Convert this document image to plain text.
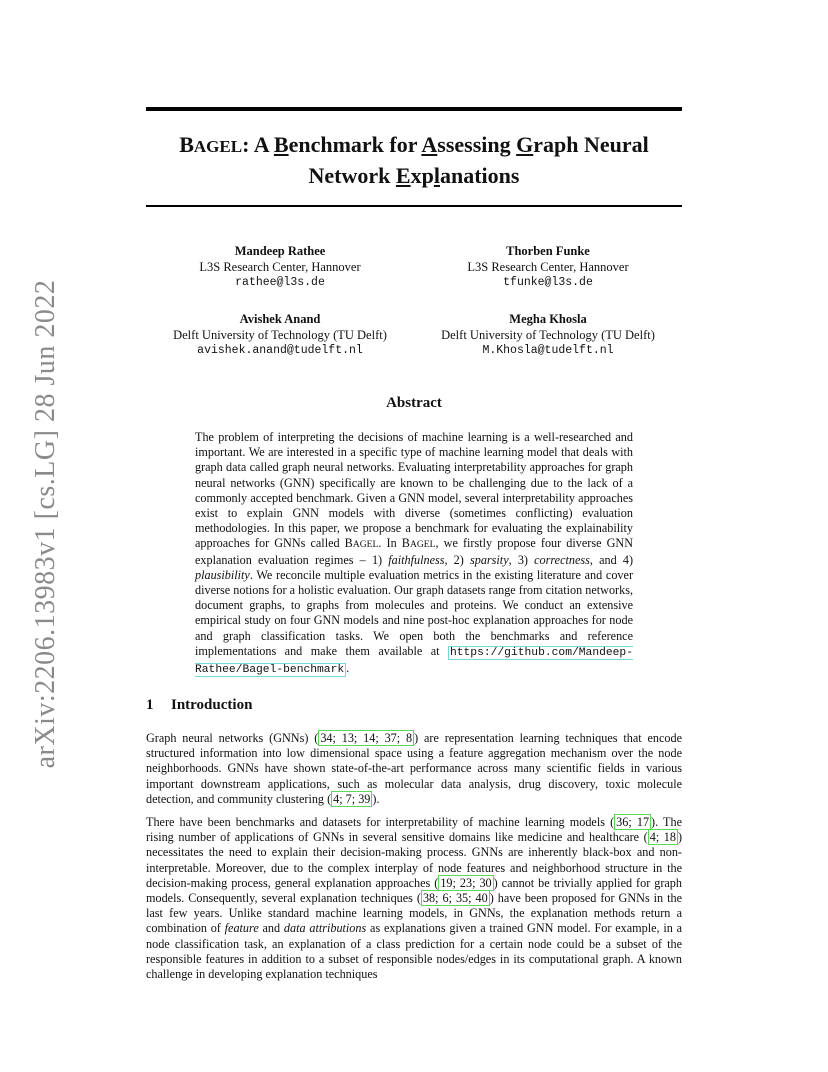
arXiv:2206.13983v1 [cs.LG] 28 Jun 2022
BAGEL: A Benchmark for Assessing Graph Neural
Network Explanations
Mandeep Rathee
L3S Research Center, Hannover
rathee@l3s.de
Thorben Funke
L3S Research Center, Hannover
tfunke@l3s.de
Avishek Anand
Delft University of Technology (TU Delft)
avishek.anand@tudelft.nl
Megha Khosla
Delft University of Technology (TU Delft)
M.Khosla@tudelft.nl
Abstract

The problem of interpreting the decisions of machine learning is a well-researched and important. We are interested in a specific type of machine learning model that deals with graph data called graph neural networks. Evaluating interpretability approaches for graph neural networks (GNN) specifically are known to be challenging due to the lack of a commonly accepted benchmark. Given a GNN model, several interpretability approaches exist to explain GNN models with diverse (sometimes conflicting) evaluation methodologies. In this paper, we propose a benchmark for evaluating the explainability approaches for GNNs called BAGEL. In BAGEL, we firstly propose four diverse GNN explanation evaluation regimes – 1) faithfulness, 2) sparsity, 3) correctness, and 4) plausibility. We reconcile multiple evaluation metrics in the existing literature and cover diverse notions for a holistic evaluation. Our graph datasets range from citation networks, document graphs, to graphs from molecules and proteins. We conduct an extensive empirical study on four GNN models and nine post-hoc explanation approaches for node and graph classification tasks. We open both the benchmarks and reference implementations and make them available at https://github.com/Mandeep-Rathee/Bagel-benchmark .

1 Introduction

Graph neural networks (GNNs) ( 34; 13; 14; 37; 8 ) are representation learning techniques that encode structured information into low dimensional space using a feature aggregation mechanism over the node neighborhoods. GNNs have shown state-of-the-art performance across many scientific fields in various important downstream applications, such as molecular data analysis, drug discovery, toxic molecule detection, and community clustering ( 4; 7; 39 ).

There have been benchmarks and datasets for interpretability of machine learning models ( 36; 17 ). The rising number of applications of GNNs in several sensitive domains like medicine and healthcare ( 4; 18 ) necessitates the need to explain their decision-making process. GNNs are inherently black-box and non-interpretable. Moreover, due to the complex interplay of node features and neighborhood structure in the decision-making process, general explanation approaches ( 19; 23; 30 ) cannot be trivially applied for graph models. Consequently, several explanation techniques ( 38; 6; 35; 40 ) have been proposed for GNNs in the last few years. Unlike standard machine learning models, in GNNs, the explanation methods return a combination of feature and data attributions as explanations given a trained GNN model. For example, in a node classification task, an explanation of a class prediction for a certain node could be a subset of the responsible features in addition to a subset of responsible nodes/edges in its computational graph. A known challenge in developing explanation techniques
